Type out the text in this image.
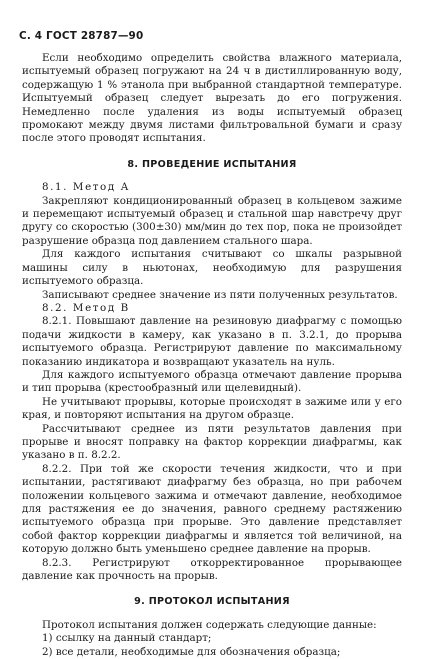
С. 4 ГОСТ 28787—90

Если необходимо определить свойства влажного материала, испытуемый образец погружают на 24 ч в дистиллированную воду, содержащую 1 % этанола при выбранной стандартной температуре. Испытуемый образец следует вырезать до его погружения. Немедленно после удаления из воды испытуемый образец промокают между двумя листами фильтровальной бумаги и сразу после этого проводят испытания.

8. ПРОВЕДЕНИЕ ИСПЫТАНИЯ

8.1. Метод А

Закрепляют кондиционированный образец в кольцевом зажиме и перемещают испытуемый образец и стальной шар навстречу друг другу со скоростью (300±30) мм/мин до тех пор, пока не произойдет разрушение образца под давлением стального шара.

Для каждого испытания считывают со шкалы разрывной машины силу в ньютонах, необходимую для разрушения испытуемого образца.

Записывают среднее значение из пяти полученных результатов.

8.2. Метод В

8.2.1. Повышают давление на резиновую диафрагму с помощью подачи жидкости в камеру, как указано в п. 3.2.1, до прорыва испытуемого образца. Регистрируют давление по максимальному показанию индикатора и возвращают указатель на нуль.

Для каждого испытуемого образца отмечают давление прорыва и тип прорыва (крестообразный или щелевидный).

Не учитывают прорывы, которые происходят в зажиме или у его края, и повторяют испытания на другом образце.

Рассчитывают среднее из пяти результатов давления при прорыве и вносят поправку на фактор коррекции диафрагмы, как указано в п. 8.2.2.

8.2.2. При той же скорости течения жидкости, что и при испытании, растягивают диафрагму без образца, но при рабочем положении кольцевого зажима и отмечают давление, необходимое для растяжения ее до значения, равного среднему растяжению испытуемого образца при прорыве. Это давление представляет собой фактор коррекции диафрагмы и является той величиной, на которую должно быть уменьшено среднее давление на прорыв.

8.2.3. Регистрируют откорректированное прорывающее давление как прочность на прорыв.

9. ПРОТОКОЛ ИСПЫТАНИЯ

Протокол испытания должен содержать следующие данные:

1) ссылку на данный стандарт;

2) все детали, необходимые для обозначения образца;
